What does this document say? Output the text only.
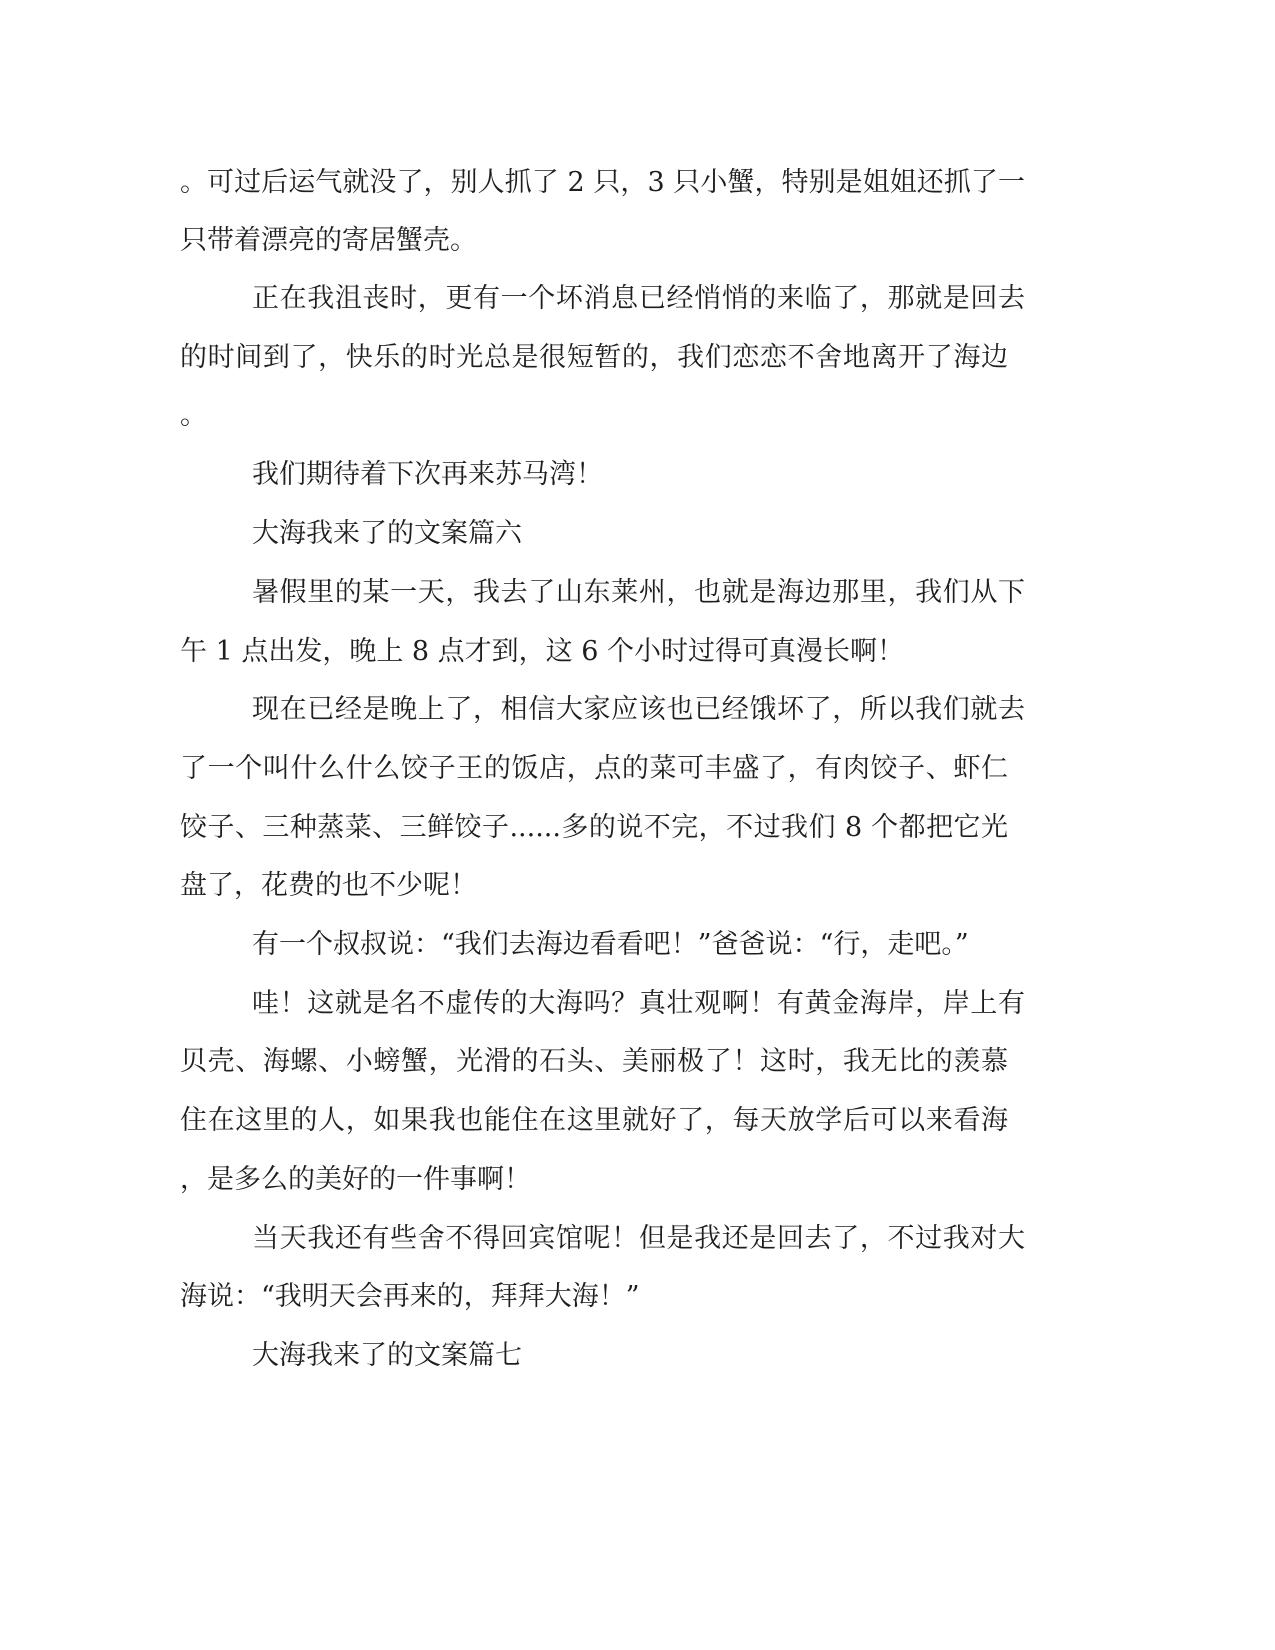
。可过后运气就没了，别人抓了 2 只，3 只小蟹，特别是姐姐还抓了一
只带着漂亮的寄居蟹壳。
正在我沮丧时，更有一个坏消息已经悄悄的来临了，那就是回去
的时间到了，快乐的时光总是很短暂的，我们恋恋不舍地离开了海边
。
我们期待着下次再来苏马湾！
大海我来了的文案篇六
暑假里的某一天，我去了山东莱州，也就是海边那里，我们从下
午 1 点出发，晚上 8 点才到，这 6 个小时过得可真漫长啊！
现在已经是晚上了，相信大家应该也已经饿坏了，所以我们就去
了一个叫什么什么饺子王的饭店，点的菜可丰盛了，有肉饺子、虾仁
饺子、三种蒸菜、三鲜饺子......多的说不完，不过我们 8 个都把它光
盘了，花费的也不少呢！
有一个叔叔说：“我们去海边看看吧！”爸爸说：“行，走吧。”
哇！这就是名不虚传的大海吗？真壮观啊！有黄金海岸，岸上有
贝壳、海螺、小螃蟹，光滑的石头、美丽极了！这时，我无比的羡慕
住在这里的人，如果我也能住在这里就好了，每天放学后可以来看海
，是多么的美好的一件事啊！
当天我还有些舍不得回宾馆呢！但是我还是回去了，不过我对大
海说：“我明天会再来的，拜拜大海！”
大海我来了的文案篇七
